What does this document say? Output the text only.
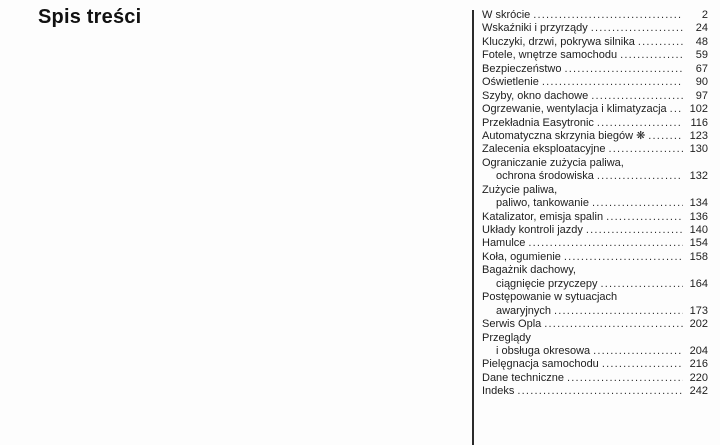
Spis treści	W skrócie .....	2
Wskaźniki i przyrządy .....	24
Kluczyki, drzwi, pokrywa silnika .....	48
Fotele, wnętrze samochodu .....	59
Bezpieczeństwo .....	67
Oświetlenie .....	90
Szyby, okno dachowe .....	97
Ogrzewanie, wentylacja i klimatyzacja .....	102
Przekładnia Easytronic .....	116
Automatyczna skrzynia biegów ❋ .....	123
Zalecenia eksploatacyjne .....	130
Ograniczanie zużycia paliwa,
ochrona środowiska .....	132
Zużycie paliwa,
paliwo, tankowanie .....	134
Katalizator, emisja spalin .....	136
Układy kontroli jazdy .....	140
Hamulce .....	154
Koła, ogumienie .....	158
Bagażnik dachowy,
ciągnięcie przyczepy .....	164
Postępowanie w sytuacjach
awaryjnych .....	173
Serwis Opla .....	202
Przeglądy
i obsługa okresowa .....	204
Pielęgnacja samochodu .....	216
Dane techniczne .....	220
Indeks .....	242
